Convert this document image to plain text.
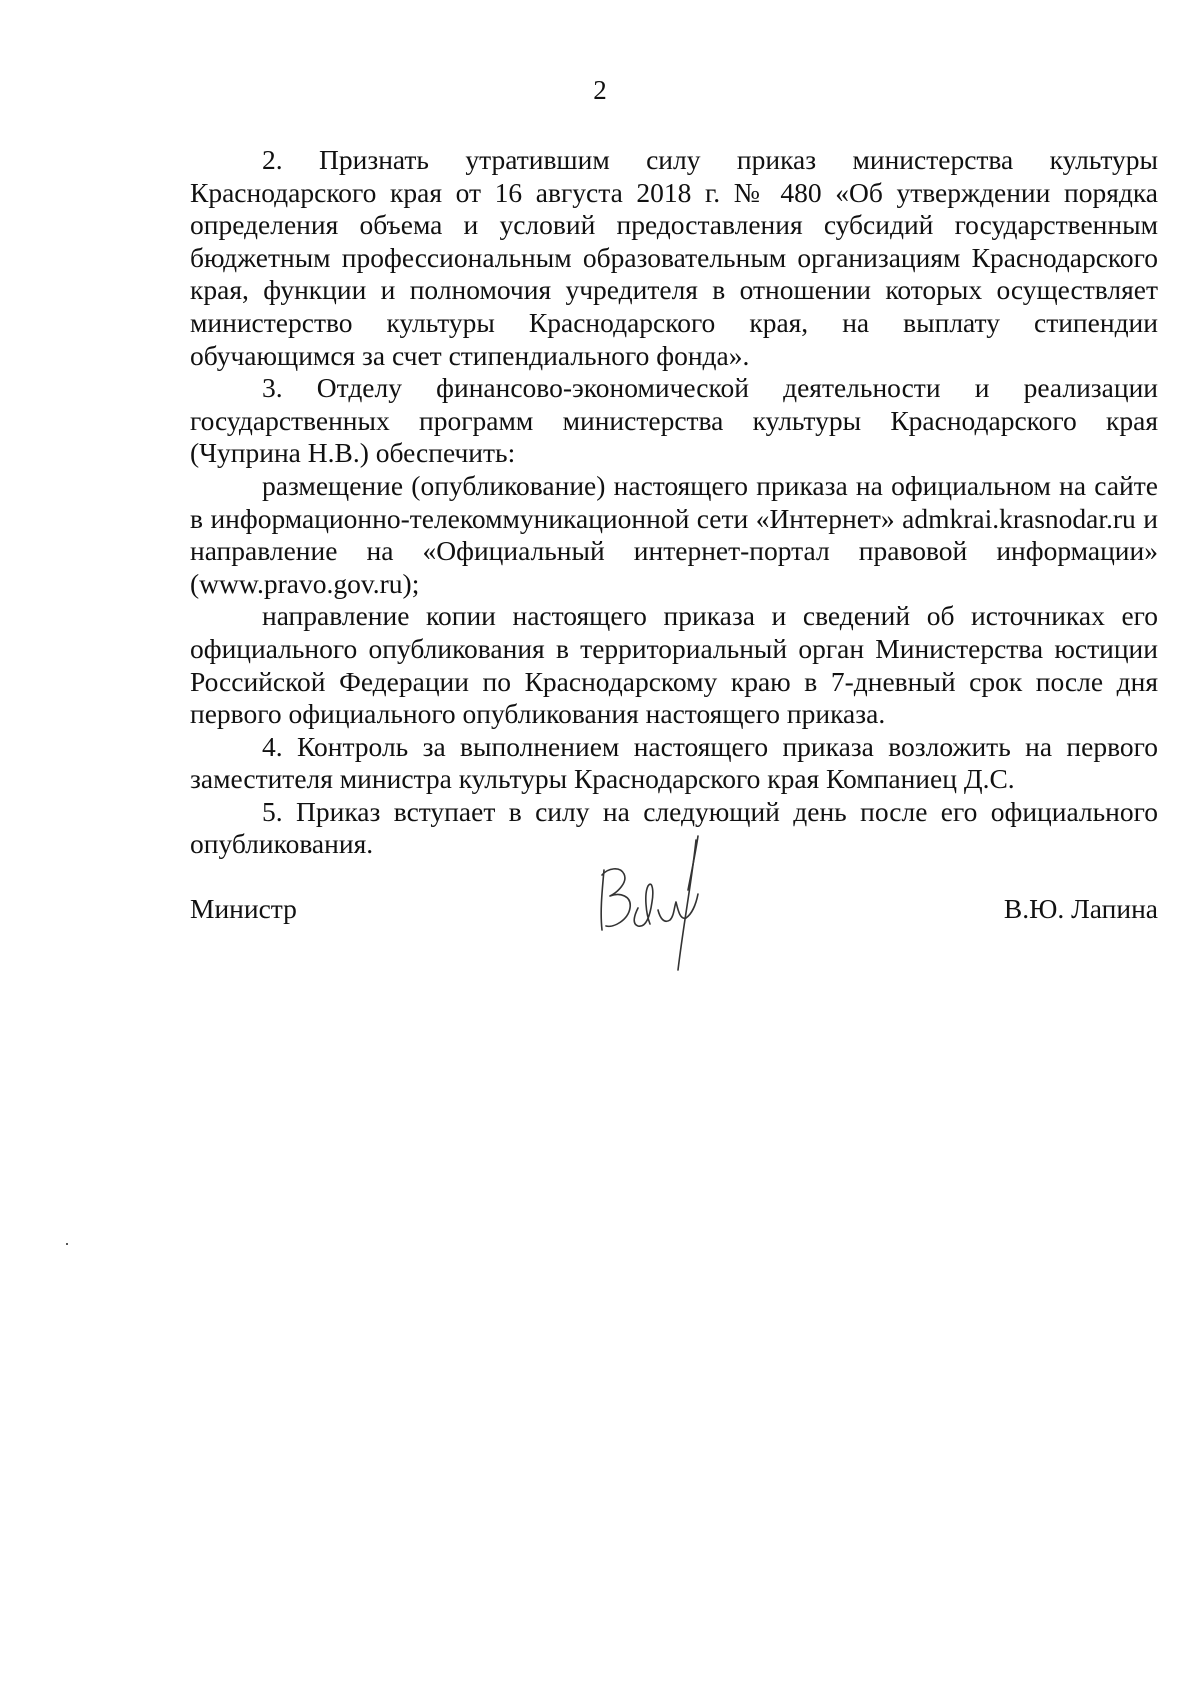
2

2. Признать утратившим силу приказ министерства культуры Краснодарского края от 16 августа 2018 г. № 480 «Об утверждении порядка определения объема и условий предоставления субсидий государственным бюджетным профессиональным образовательным организациям Краснодарского края, функции и полномочия учредителя в отношении которых осуществляет министерство культуры Краснодарского края, на выплату стипендии обучающимся за счет стипендиального фонда».

3. Отделу финансово-экономической деятельности и реализации государственных программ министерства культуры Краснодарского края (Чуприна Н.В.) обеспечить:

размещение (опубликование) настоящего приказа на официальном на сайте в информационно-телекоммуникационной сети «Интернет» admkrai.krasnodar.ru и направление на «Официальный интернет-портал правовой информации» (www.pravo.gov.ru);

направление копии настоящего приказа и сведений об источниках его официального опубликования в территориальный орган Министерства юстиции Российской Федерации по Краснодарскому краю в 7-дневный срок после дня первого официального опубликования настоящего приказа.

4. Контроль за выполнением настоящего приказа возложить на первого заместителя министра культуры Краснодарского края Компаниец Д.С.

5. Приказ вступает в силу на следующий день после его официального опубликования.

Министр	В.Ю. Лапина
